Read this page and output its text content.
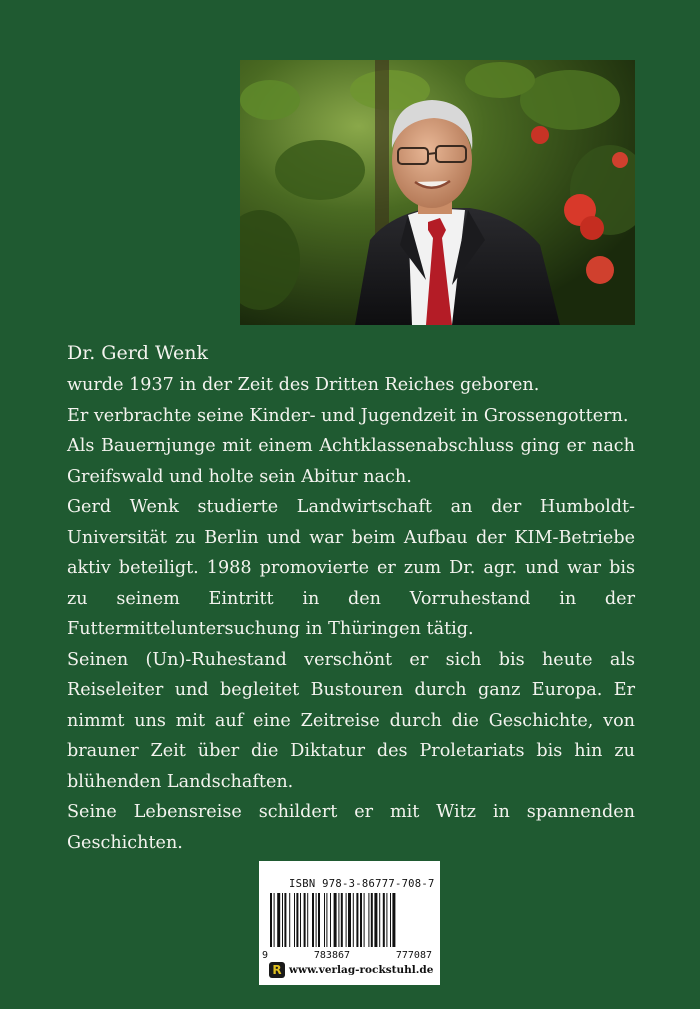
Dr. Gerd Wenk

wurde 1937 in der Zeit des Dritten Reiches geboren.

Er verbrachte seine Kinder- und Jugendzeit in Grossengottern.

Als Bauernjunge mit einem Achtklassenabschluss ging er nach Greifswald und holte sein Abitur nach.

Gerd Wenk studierte Landwirtschaft an der Humboldt-Universität zu Berlin und war beim Aufbau der KIM-Betriebe aktiv beteiligt. 1988 promovierte er zum Dr. agr. und war bis zu seinem Eintritt in den Vorruhestand in der Futtermitteluntersuchung in Thüringen tätig.

Seinen (Un)-Ruhestand verschönt er sich bis heute als Reiseleiter und begleitet Bustouren durch ganz Europa. Er nimmt uns mit auf eine Zeitreise durch die Geschichte, von brauner Zeit über die Diktatur des Proletariats bis hin zu blühenden Landschaften.

Seine Lebensreise schildert er mit Witz in spannenden Geschichten.

ISBN 978-3-86777-708-7
9	783867	777087
R www.verlag-rockstuhl.de
